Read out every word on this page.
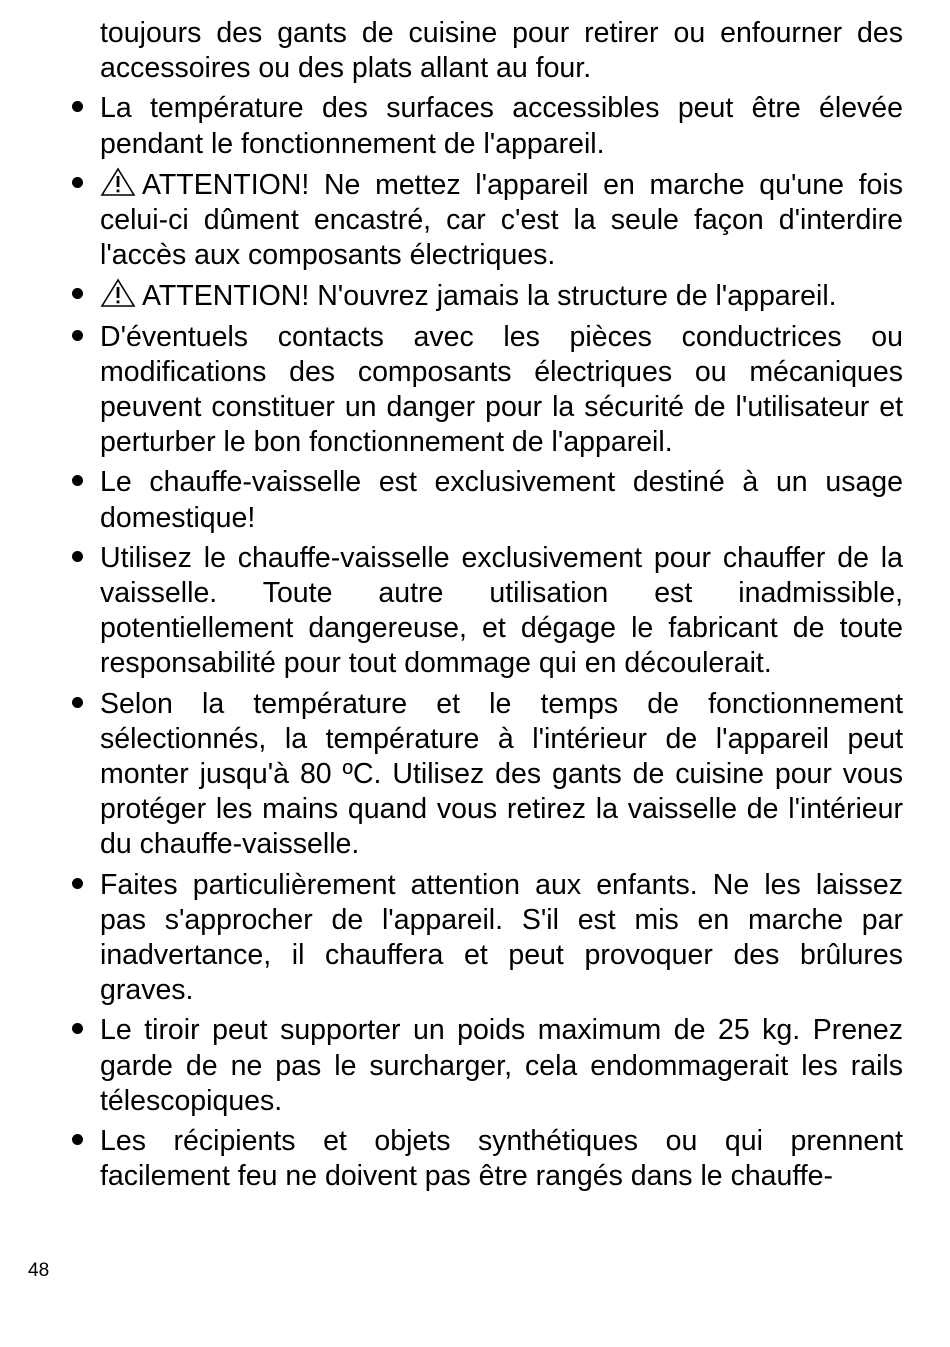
toujours des gants de cuisine pour retirer ou enfourner des accessoires ou des plats allant au four.

La température des surfaces accessibles peut être élevée pendant le fonctionnement de l'appareil.

ATTENTION! Ne mettez l'appareil en marche qu'une fois celui-ci dûment encastré, car c'est la seule façon d'interdire l'accès aux composants électriques.

ATTENTION! N'ouvrez jamais la structure de l'appareil.

D'éventuels contacts avec les pièces conductrices ou modifications des composants électriques ou mécaniques peuvent constituer un danger pour la sécurité de l'utilisateur et perturber le bon fonctionnement de l'appareil.

Le chauffe-vaisselle est exclusivement destiné à un usage domestique!

Utilisez le chauffe-vaisselle exclusivement pour chauffer de la vaisselle. Toute autre utilisation est inadmissible, potentiellement dangereuse, et dégage le fabricant de toute responsabilité pour tout dommage qui en découlerait.

Selon la température et le temps de fonctionnement sélectionnés, la température à l'intérieur de l'appareil peut monter jusqu'à 80 ºC. Utilisez des gants de cuisine pour vous protéger les mains quand vous retirez la vaisselle de l'intérieur du chauffe-vaisselle.

Faites particulièrement attention aux enfants. Ne les laissez pas s'approcher de l'appareil. S'il est mis en marche par inadvertance, il chauffera et peut provoquer des brûlures graves.

Le tiroir peut supporter un poids maximum de 25 kg. Prenez garde de ne pas le surcharger, cela endommagerait les rails télescopiques.

Les récipients et objets synthétiques ou qui prennent facilement feu ne doivent pas être rangés dans le chauffe-

48
